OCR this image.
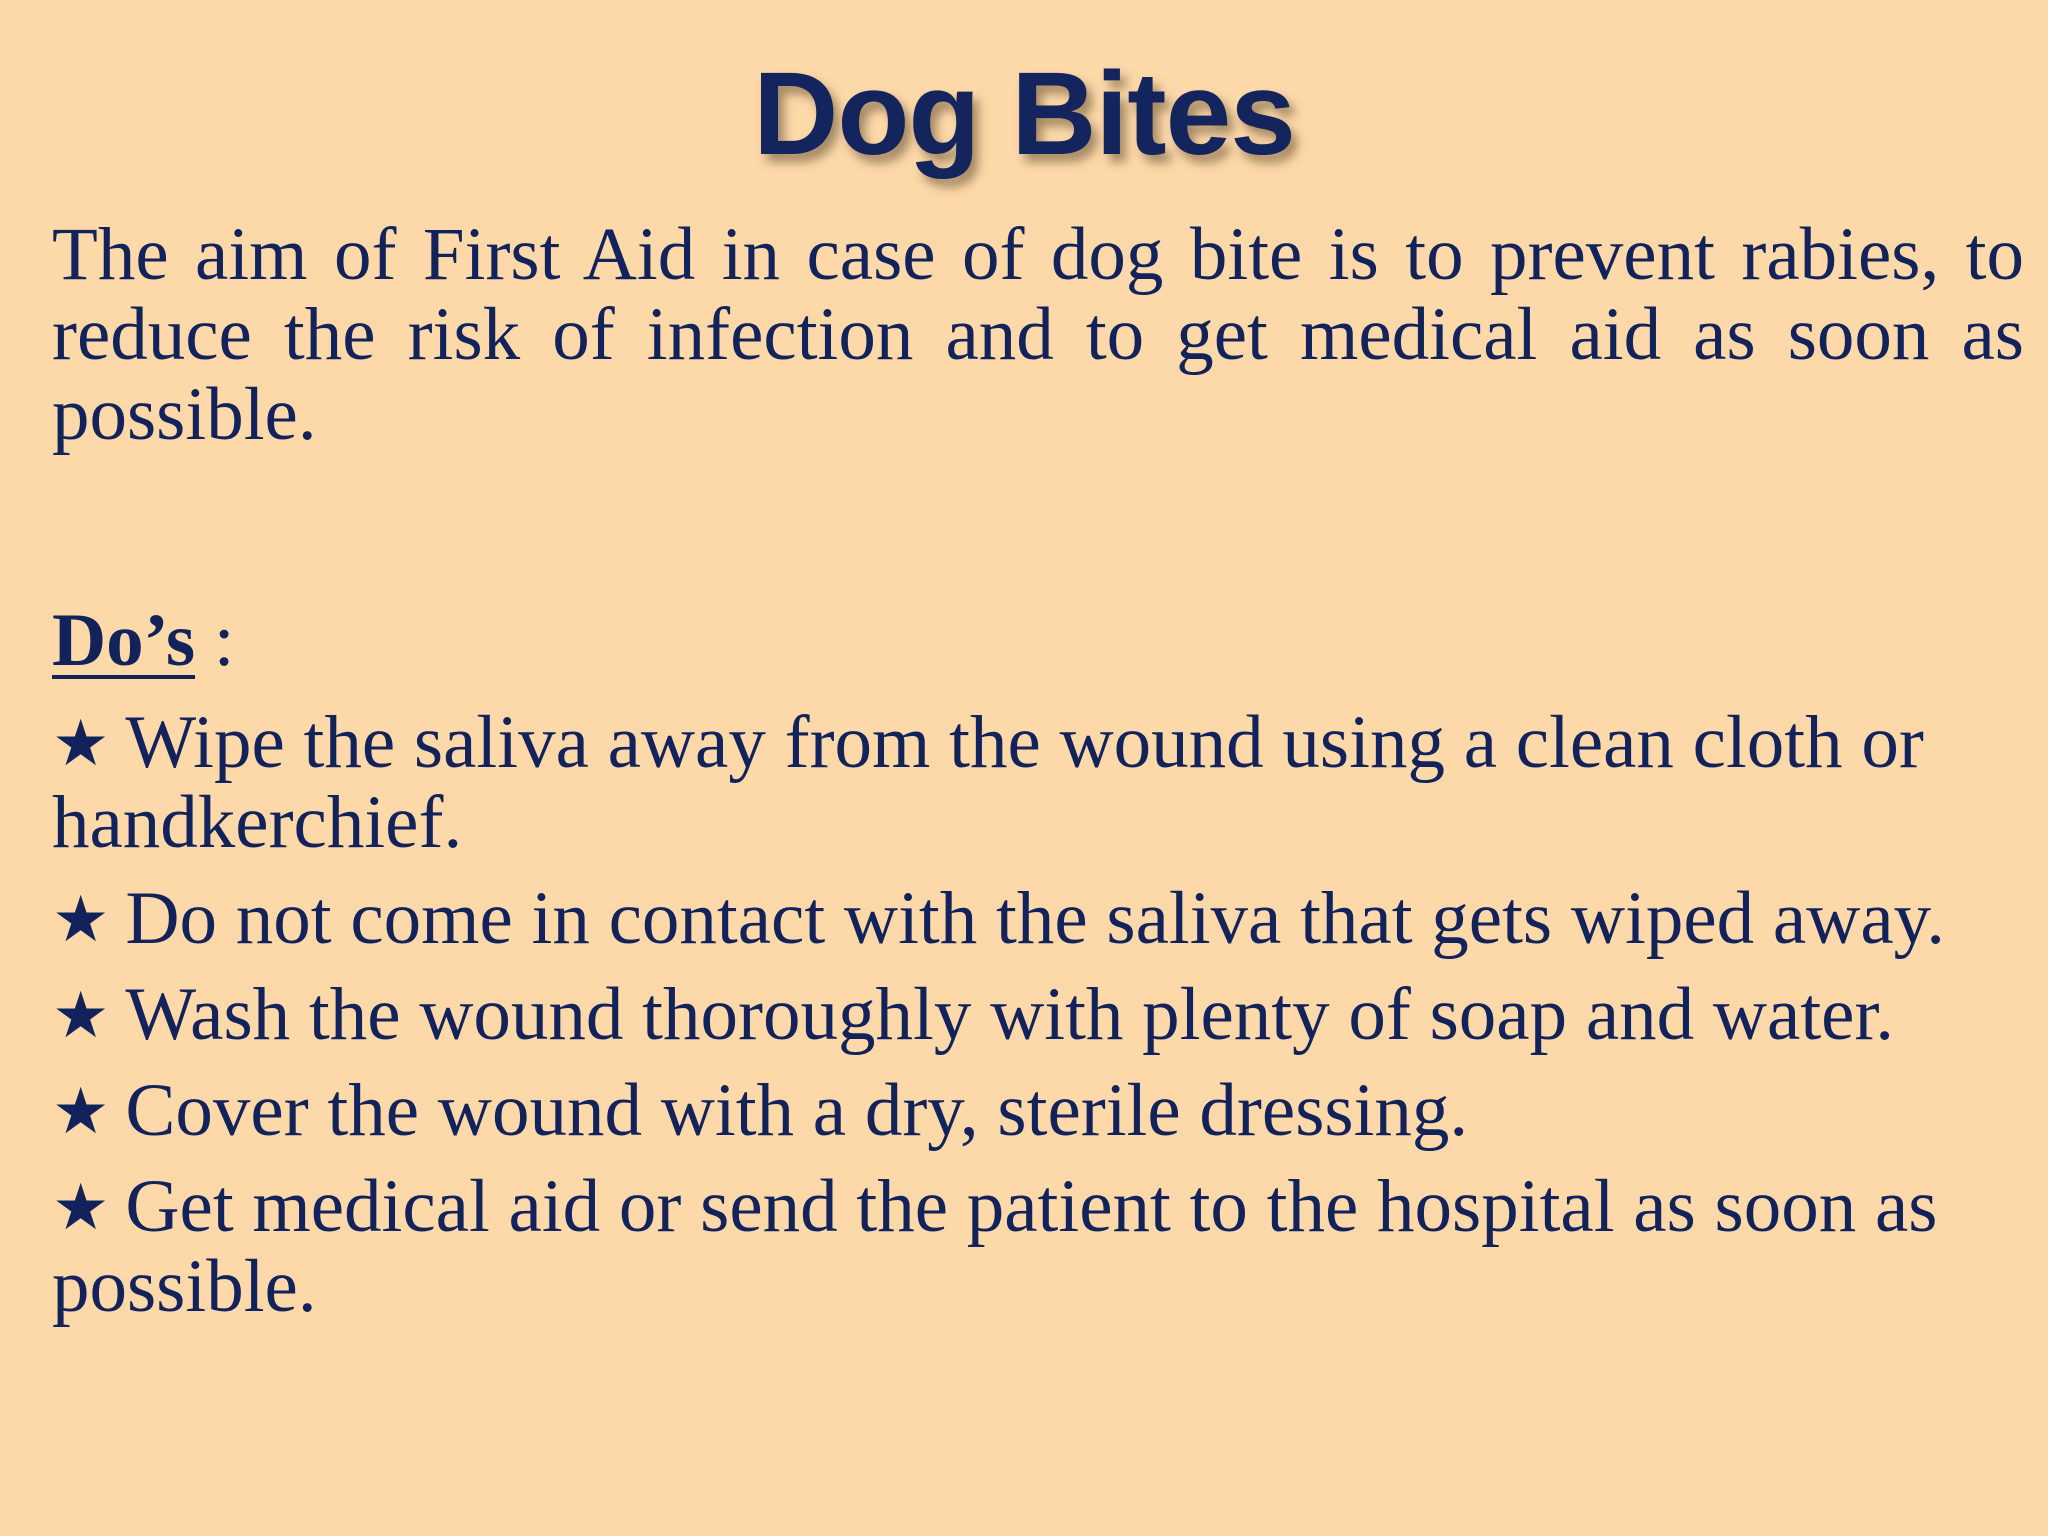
Dog Bites

The aim of First Aid in case of dog bite is to prevent rabies, to reduce the risk of infection and to get medical aid as soon as possible.

Do’s :

★ Wipe the saliva away from the wound using a clean cloth or handkerchief.
★ Do not come in contact with the saliva that gets wiped away.
★ Wash the wound thoroughly with plenty of soap and water.
★ Cover the wound with a dry, sterile dressing.
★ Get medical aid or send the patient to the hospital as soon as possible.
